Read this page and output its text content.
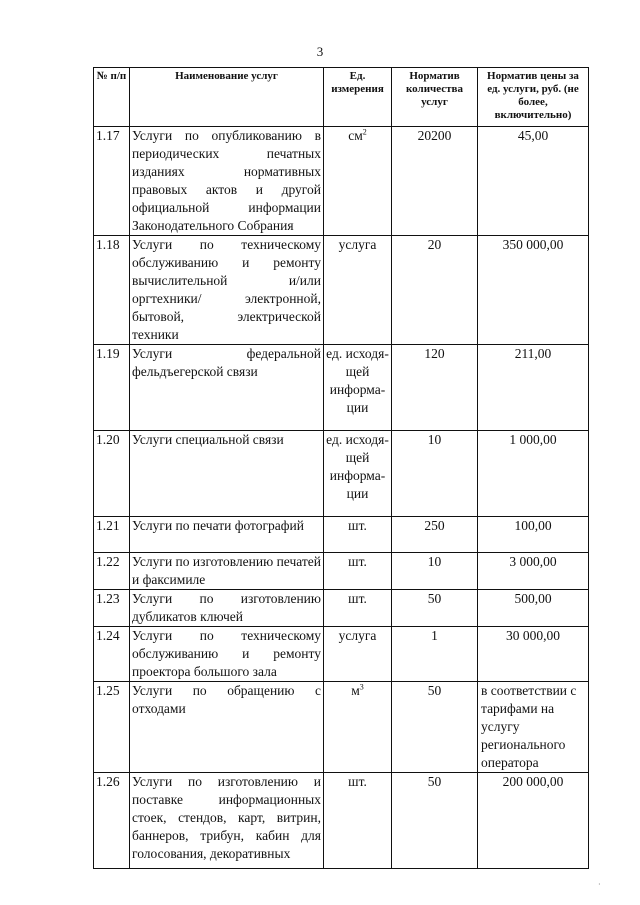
3
№ п/п	Наименование услуг	Ед. измерения	Норматив количества услуг	Норматив цены за ед. услуги, руб. (не более, включительно)
1.17	Услуги по опубликованию в периодических печатных изданиях нормативных правовых актов и другой официальной информации Законодательного Собрания	$см^2$	20200	45,00
1.18	Услуги по техническому обслуживанию и ремонту вычислительной и/или оргтехники/ электронной, бытовой, электрической техники	услуга	20	350 000,00
1.19	Услуги федеральной фельдъегерской связи	ед. исходя-щей информа-ции	120	211,00
1.20	Услуги специальной связи	ед. исходя-щей информа-ции	10	1 000,00
1.21	Услуги по печати фотографий	шт.	250	100,00
1.22	Услуги по изготовлению печатей и факсимиле	шт.	10	3 000,00
1.23	Услуги по изготовлению дубликатов ключей	шт.	50	500,00
1.24	Услуги по техническому обслуживанию и ремонту проектора большого зала	услуга	1	30 000,00
1.25	Услуги по обращению с отходами	$м^3$	50	в соответствии с тарифами на услугу регионального оператора
1.26	Услуги по изготовлению и поставке информационных стоек, стендов, карт, витрин, баннеров, трибун, кабин для голосования, декоративных	шт.	50	200 000,00
·
